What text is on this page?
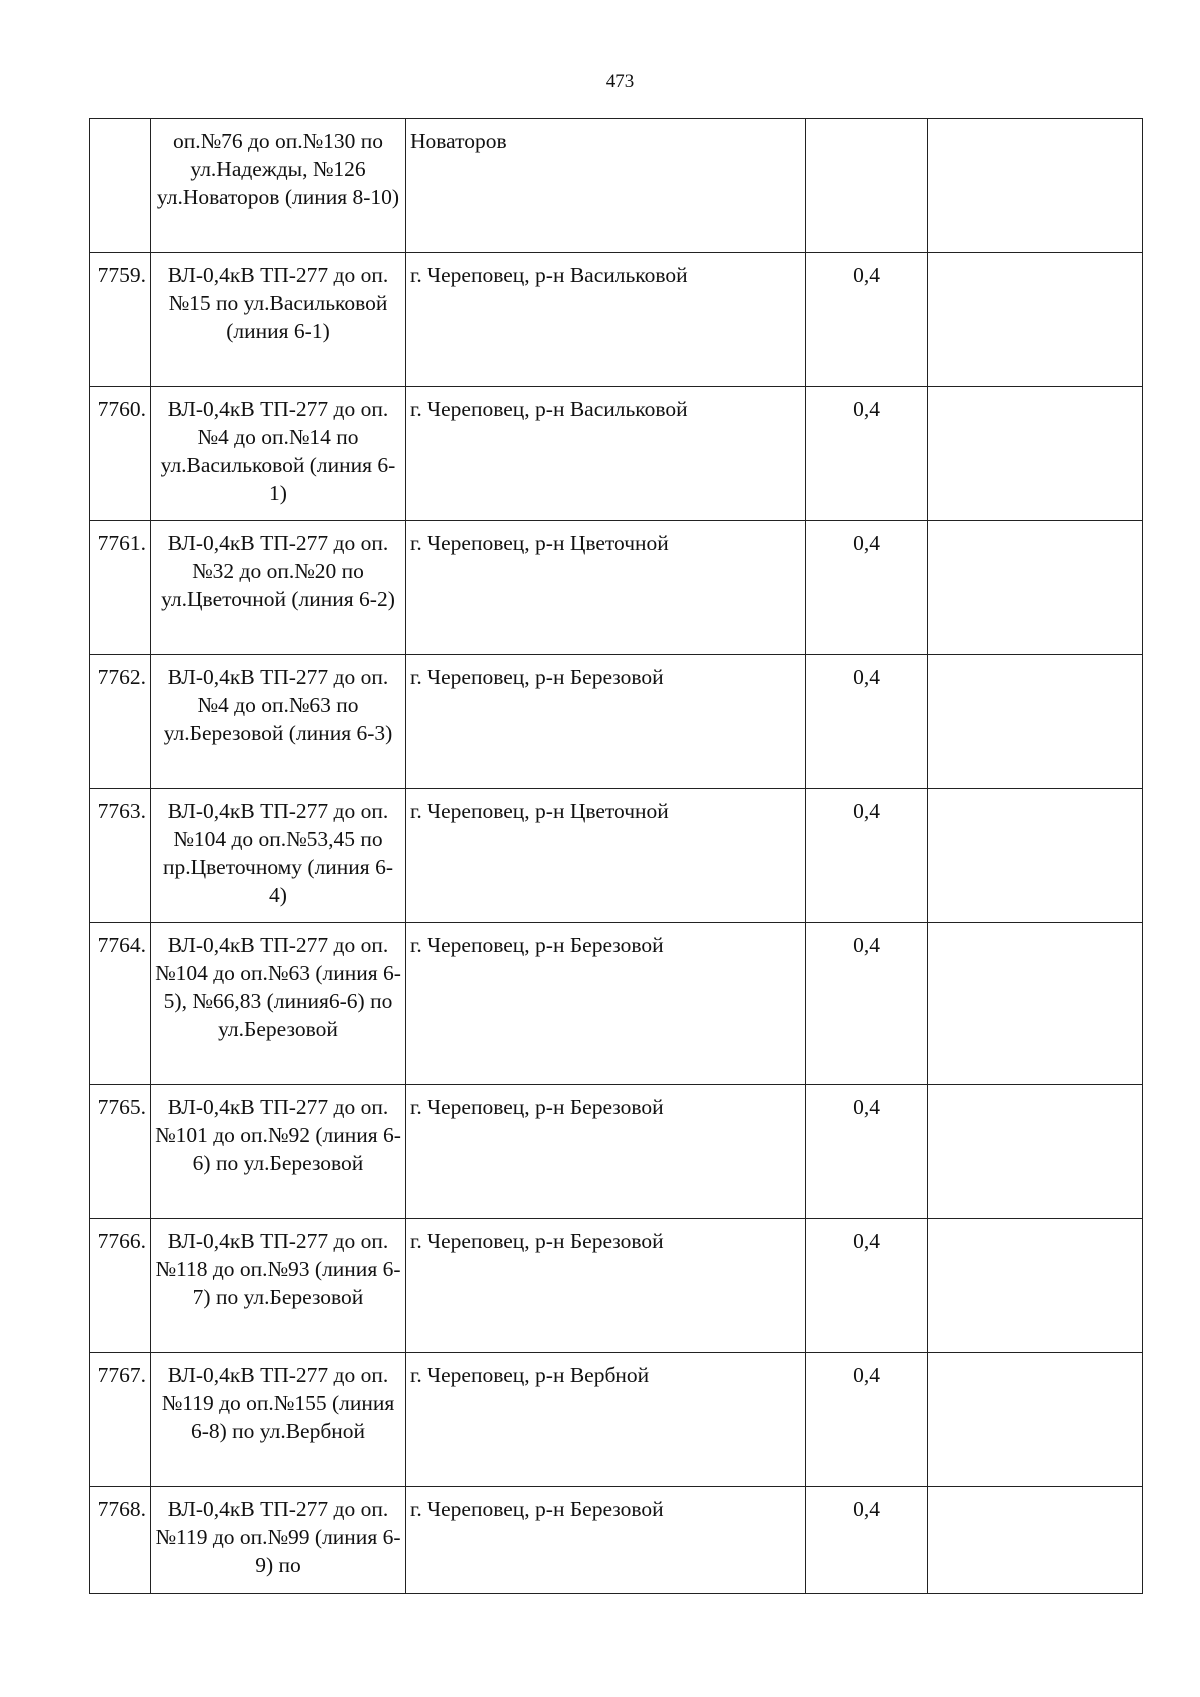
473
	оп.№76 до оп.№130 по ул.Надежды, №126 ул.Новаторов (линия 8-10)	Новаторов		
7759.	ВЛ-0,4кВ ТП-277 до оп.№15 по ул.Васильковой (линия 6-1)	г. Череповец, р-н Васильковой	0,4	
7760.	ВЛ-0,4кВ ТП-277 до оп.№4 до оп.№14 по ул.Васильковой (линия 6-1)	г. Череповец, р-н Васильковой	0,4	
7761.	ВЛ-0,4кВ ТП-277 до оп.№32 до оп.№20 по ул.Цветочной (линия 6-2)	г. Череповец, р-н Цветочной	0,4	
7762.	ВЛ-0,4кВ ТП-277 до оп.№4 до оп.№63 по ул.Березовой (линия 6-3)	г. Череповец, р-н Березовой	0,4	
7763.	ВЛ-0,4кВ ТП-277 до оп.№104 до оп.№53,45 по пр.Цветочному (линия 6-4)	г. Череповец, р-н Цветочной	0,4	
7764.	ВЛ-0,4кВ ТП-277 до оп.№104 до оп.№63 (линия 6-5), №66,83 (линия6-6) по ул.Березовой	г. Череповец, р-н Березовой	0,4	
7765.	ВЛ-0,4кВ ТП-277 до оп.№101 до оп.№92 (линия 6-6) по ул.Березовой	г. Череповец, р-н Березовой	0,4	
7766.	ВЛ-0,4кВ ТП-277 до оп.№118 до оп.№93 (линия 6-7) по ул.Березовой	г. Череповец, р-н Березовой	0,4	
7767.	ВЛ-0,4кВ ТП-277 до оп.№119 до оп.№155 (линия 6-8) по ул.Вербной	г. Череповец, р-н Вербной	0,4	
7768.	ВЛ-0,4кВ ТП-277 до оп.№119 до оп.№99 (линия 6-9) по	г. Череповец, р-н Березовой	0,4	
